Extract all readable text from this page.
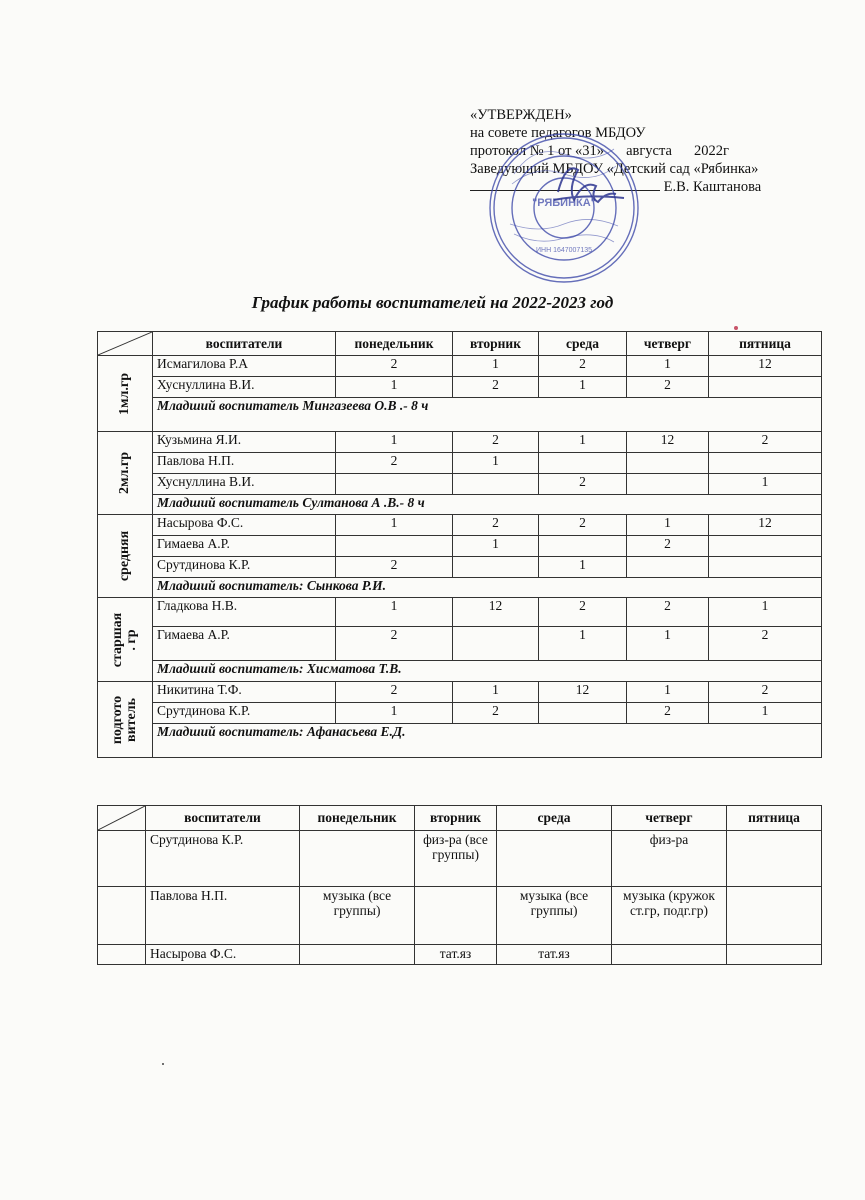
«УТВЕРЖДЕН»
на совете педагогов МБДОУ
протокол № 1 от «31» августа 2022г
Заведующий МБДОУ «Детский сад «Рябинка»
Е.В. Каштанова
"РЯБИНКА"
ИНН 1647007135
График работы воспитателей на 2022-2023 год
	воспитатели	понедельник	вторник	среда	четверг	пятница

1мл.гр	Исмагилова Р.А	2	1	2	1	12
	Хуснуллина В.И.	1	2	1	2	
	Младший воспитатель Мингазеева О.В .- 8 ч					

2мл.гр	Кузьмина Я.И.	1	2	1	12	2
	Павлова Н.П.	2	1			
	Хуснуллина В.И.			2		1
	Младший воспитатель Султанова А .В.- 8 ч					

средняя	Насырова Ф.С.	1	2	2	1	12
	Гимаева А.Р.		1		2	
	Срутдинова К.Р.	2		1		
	Младший воспитатель: Сынкова Р.И.					

старшая
. гр	Гладкова Н.В.	1	12	2	2	1
	Гимаева А.Р.	2		1	1	2
	Младший воспитатель: Хисматова Т.В.					

подгото
витель	Никитина Т.Ф.	2	1	12	1	2
	Срутдинова К.Р.	1	2		2	1
	Младший воспитатель: Афанасьева Е.Д.					
	воспитатели	понедельник	вторник	среда	четверг	пятница
	Срутдинова К.Р.		физ-ра (все группы)		физ-ра	
	Павлова Н.П.	музыка (все группы)		музыка (все группы)	музыка (кружок ст.гр, подг.гр)	
	Насырова Ф.С.		тат.яз	тат.яз		
